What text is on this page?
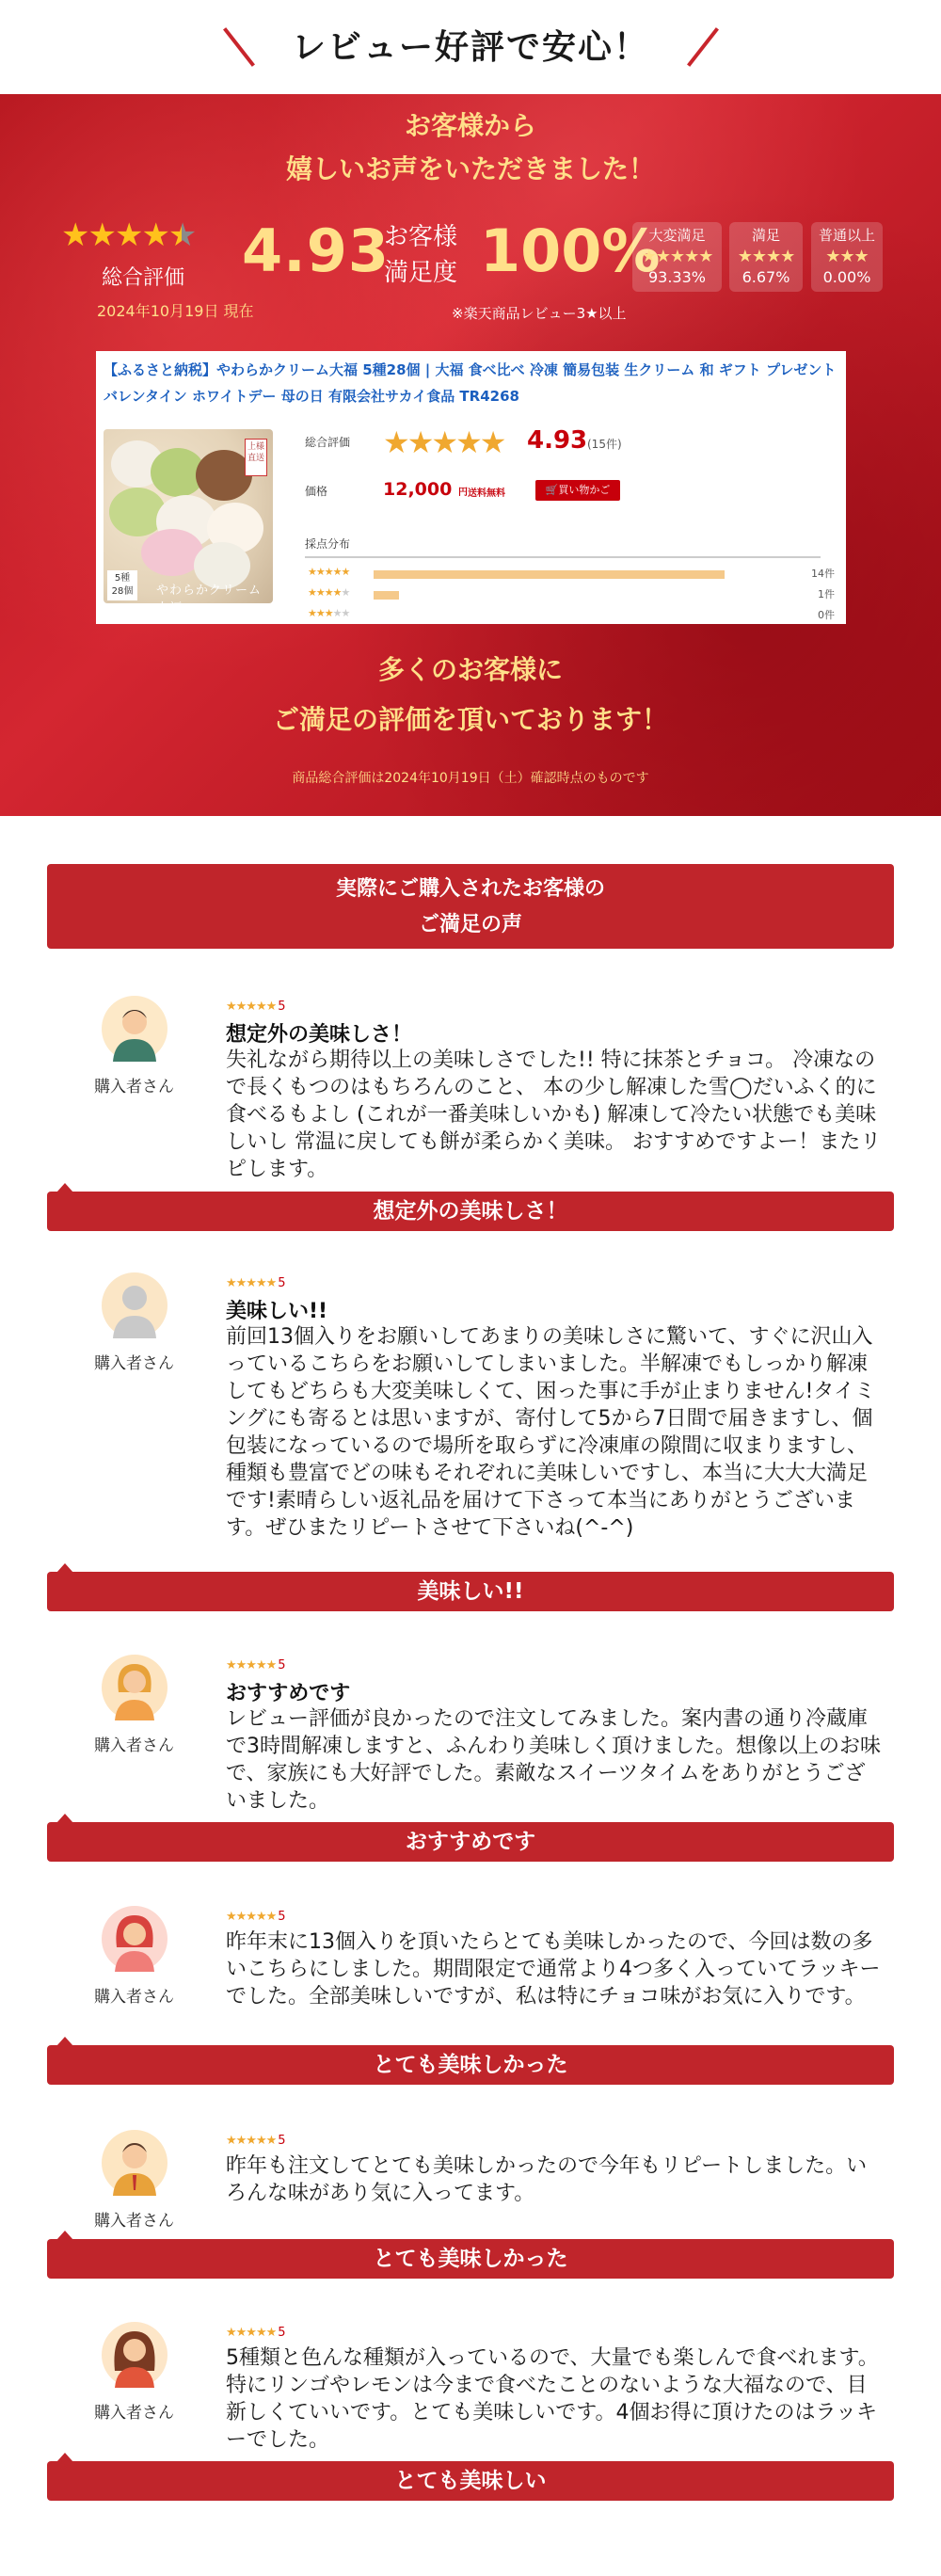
レビュー好評で安心！
お客様から
嬉しいお声をいただきました！
★★★★★
総合評価
2024年10月19日 現在
4.93
お客様
満足度 100%
大変満足
★★★★★
93.33%
満足
★★★★
6.67%
普通以上
★★★
0.00%
※楽天商品レビュー3★以上
【ふるさと納税】やわらかクリーム大福 5種28個 | 大福 食べ比べ 冷凍 簡易包装 生クリーム 和 ギフト プレゼント バレンタイン ホワイトデー 母の日 有限会社サカイ食品 TR4268
上様 直送
5種 28個	やわらかクリーム大福
総合評価 ★★★★★ 4.93 (15件)
価格	12,000 円 送料無料	🛒買い物かご
採点分布
★★★★★	14件
★★★★★	1件
★★★★★	0件
多くのお客様に
ご満足の評価を頂いております！
商品総合評価は2024年10月19日（土）確認時点のものです
実際にご購入されたお客様の
ご満足の声
購入者さん
★★★★★ 5
想定外の美味しさ！
失礼ながら期待以上の美味しさでした!! 特に抹茶とチョコ。 冷凍なので長くもつのはもちろんのこと、 本の少し解凍した雪◯だいふく的に食べるもよし (これが一番美味しいかも) 解凍して冷たい状態でも美味しいし 常温に戻しても餅が柔らかく美味。 おすすめですよー！またリピします。
想定外の美味しさ！
購入者さん
★★★★★ 5
美味しい!!
前回13個入りをお願いしてあまりの美味しさに驚いて、すぐに沢山入っているこちらをお願いしてしまいました。半解凍でもしっかり解凍してもどちらも大変美味しくて、困った事に手が止まりません!タイミングにも寄るとは思いますが、寄付して5から7日間で届きますし、個包装になっているので場所を取らずに冷凍庫の隙間に収まりますし、種類も豊富でどの味もそれぞれに美味しいですし、本当に大大大満足です!素晴らしい返礼品を届けて下さって本当にありがとうございます。ぜひまたリピートさせて下さいね(^-^)
美味しい!!
購入者さん
★★★★★ 5
おすすめです
レビュー評価が良かったので注文してみました。案内書の通り冷蔵庫で3時間解凍しますと、ふんわり美味しく頂けました。想像以上のお味で、家族にも大好評でした。素敵なスイーツタイムをありがとうございました。
おすすめです
購入者さん
★★★★★ 5
昨年末に13個入りを頂いたらとても美味しかったので、今回は数の多いこちらにしました。期間限定で通常より4つ多く入っていてラッキーでした。全部美味しいですが、私は特にチョコ味がお気に入りです。
とても美味しかった
購入者さん
★★★★★ 5
昨年も注文してとても美味しかったので今年もリピートしました。いろんな味があり気に入ってます。
とても美味しかった
購入者さん
★★★★★ 5
5種類と色んな種類が入っているので、大量でも楽しんで食べれます。特にリンゴやレモンは今まで食べたことのないような大福なので、目新しくていいです。とても美味しいです。4個お得に頂けたのはラッキーでした。
とても美味しい
